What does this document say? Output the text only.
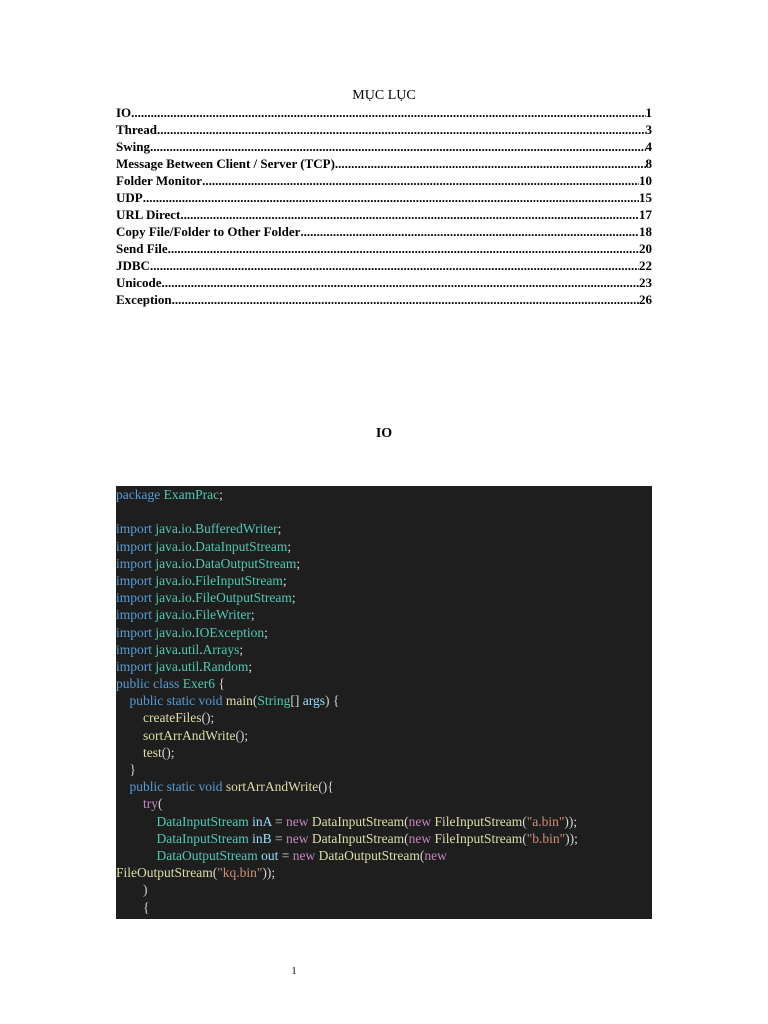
MỤC LỤC
IO .....	1
Thread .....	3
Swing .....	4
Message Between Client / Server (TCP) .....	8
Folder Monitor .....	10
UDP .....	15
URL Direct .....	17
Copy File/Folder to Other Folder .....	18
Send File .....	20
JDBC .....	22
Unicode .....	23
Exception .....	26
IO
package ExamPrac;

import java.io.BufferedWriter;
import java.io.DataInputStream;
import java.io.DataOutputStream;
import java.io.FileInputStream;
import java.io.FileOutputStream;
import java.io.FileWriter;
import java.io.IOException;
import java.util.Arrays;
import java.util.Random;
public class Exer6 {
public static void main(String[] args) {
createFiles();
sortArrAndWrite();
test();
}
public static void sortArrAndWrite(){
try(
DataInputStream inA = new DataInputStream(new FileInputStream("a.bin"));
DataInputStream inB = new DataInputStream(new FileInputStream("b.bin"));
DataOutputStream out = new DataOutputStream(new
FileOutputStream("kq.bin"));
)
{
1
